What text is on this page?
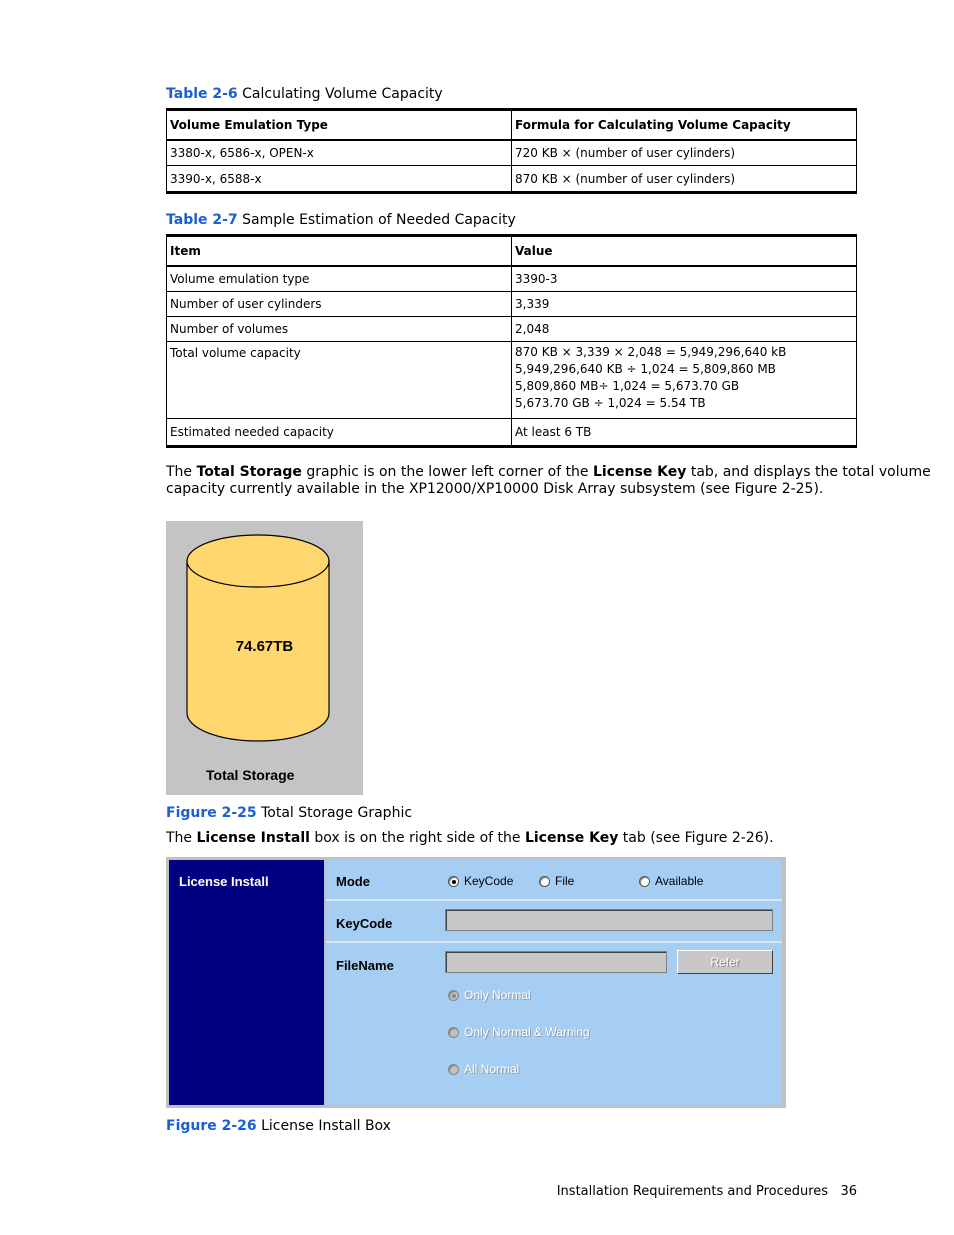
Table 2-6 Calculating Volume Capacity
Volume Emulation Type	Formula for Calculating Volume Capacity
3380-x, 6586-x, OPEN-x	720 KB × (number of user cylinders)
3390-x, 6588-x	870 KB × (number of user cylinders)
Table 2-7 Sample Estimation of Needed Capacity
Item	Value
Volume emulation type	3390-3
Number of user cylinders	3,339
Number of volumes	2,048
Total volume capacity	870 KB × 3,339 × 2,048 = 5,949,296,640 kB
5,949,296,640 KB ÷ 1,024 = 5,809,860 MB
5,809,860 MB÷ 1,024 = 5,673.70 GB
5,673.70 GB ÷ 1,024 = 5.54 TB

Estimated needed capacity	At least 6 TB
The Total Storage graphic is on the lower left corner of the License Key tab, and displays the total volume
capacity currently available in the XP12000/XP10000 Disk Array subsystem (see Figure 2-25).
74.67TB
Total Storage
Figure 2-25 Total Storage Graphic
The License Install box is on the right side of the License Key tab (see Figure 2-26).
License Install	Mode	KeyCode	File	Available
KeyCode
FileName	Refer
Only Normal
Only Normal & Warning
All Normal
Figure 2-26 License Install Box
Installation Requirements and Procedures 36
